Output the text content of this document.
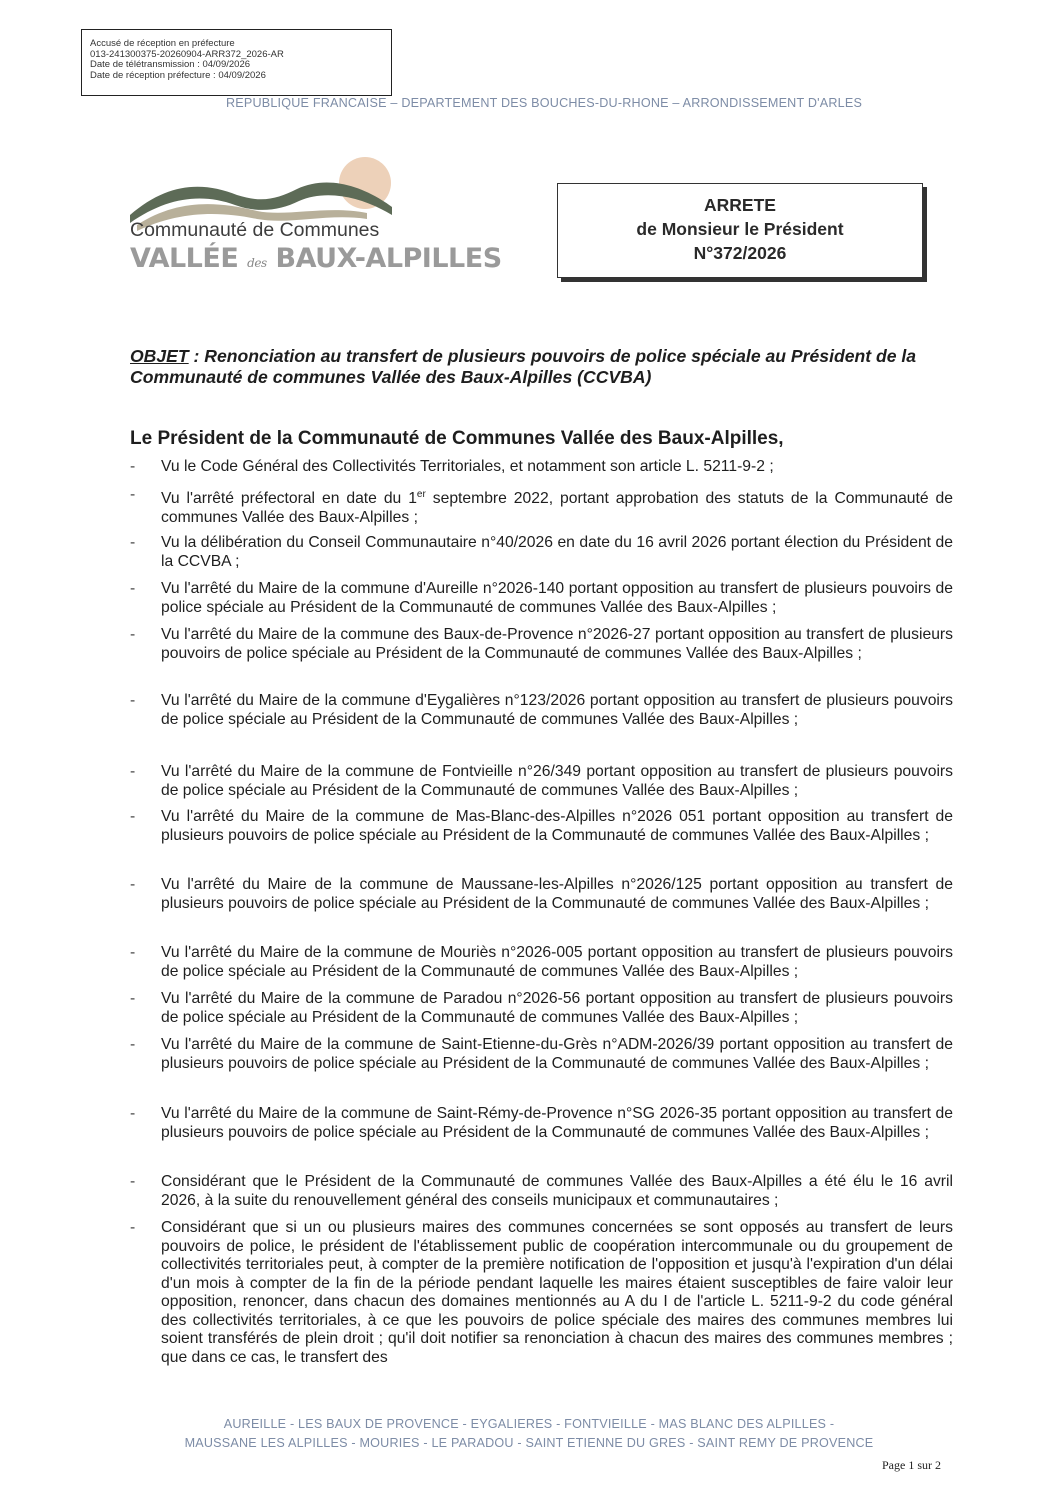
Accusé de réception en préfecture
013-241300375-20260904-ARR372_2026-AR
Date de télétransmission : 04/09/2026
Date de réception préfecture : 04/09/2026
REPUBLIQUE FRANCAISE – DEPARTEMENT DES BOUCHES-DU-RHONE – ARRONDISSEMENT D'ARLES
Communauté de Communes
VALLÉE des BAUX-ALPILLES
ARRETE
de Monsieur le Président
N°372/2026
OBJET : Renonciation au transfert de plusieurs pouvoirs de police spéciale au Président de la Communauté de communes Vallée des Baux-Alpilles (CCVBA)
Le Président de la Communauté de Communes Vallée des Baux-Alpilles,
- Vu le Code Général des Collectivités Territoriales, et notamment son article L. 5211-9-2 ;
- Vu l'arrêté préfectoral en date du 1er septembre 2022, portant approbation des statuts de la Communauté de communes Vallée des Baux-Alpilles ;
- Vu la délibération du Conseil Communautaire n°40/2026 en date du 16 avril 2026 portant élection du Président de la CCVBA ;
- Vu l'arrêté du Maire de la commune d'Aureille n°2026-140 portant opposition au transfert de plusieurs pouvoirs de police spéciale au Président de la Communauté de communes Vallée des Baux-Alpilles ;
- Vu l'arrêté du Maire de la commune des Baux-de-Provence n°2026-27 portant opposition au transfert de plusieurs pouvoirs de police spéciale au Président de la Communauté de communes Vallée des Baux-Alpilles ;
- Vu l'arrêté du Maire de la commune d'Eygalières n°123/2026 portant opposition au transfert de plusieurs pouvoirs de police spéciale au Président de la Communauté de communes Vallée des Baux-Alpilles ;
- Vu l'arrêté du Maire de la commune de Fontvieille n°26/349 portant opposition au transfert de plusieurs pouvoirs de police spéciale au Président de la Communauté de communes Vallée des Baux-Alpilles ;
- Vu l'arrêté du Maire de la commune de Mas-Blanc-des-Alpilles n°2026 051 portant opposition au transfert de plusieurs pouvoirs de police spéciale au Président de la Communauté de communes Vallée des Baux-Alpilles ;
- Vu l'arrêté du Maire de la commune de Maussane-les-Alpilles n°2026/125 portant opposition au transfert de plusieurs pouvoirs de police spéciale au Président de la Communauté de communes Vallée des Baux-Alpilles ;
- Vu l'arrêté du Maire de la commune de Mouriès n°2026-005 portant opposition au transfert de plusieurs pouvoirs de police spéciale au Président de la Communauté de communes Vallée des Baux-Alpilles ;
- Vu l'arrêté du Maire de la commune de Paradou n°2026-56 portant opposition au transfert de plusieurs pouvoirs de police spéciale au Président de la Communauté de communes Vallée des Baux-Alpilles ;
- Vu l'arrêté du Maire de la commune de Saint-Etienne-du-Grès n°ADM-2026/39 portant opposition au transfert de plusieurs pouvoirs de police spéciale au Président de la Communauté de communes Vallée des Baux-Alpilles ;
- Vu l'arrêté du Maire de la commune de Saint-Rémy-de-Provence n°SG 2026-35 portant opposition au transfert de plusieurs pouvoirs de police spéciale au Président de la Communauté de communes Vallée des Baux-Alpilles ;
- Considérant que le Président de la Communauté de communes Vallée des Baux-Alpilles a été élu le 16 avril 2026, à la suite du renouvellement général des conseils municipaux et communautaires ;
- Considérant que si un ou plusieurs maires des communes concernées se sont opposés au transfert de leurs pouvoirs de police, le président de l'établissement public de coopération intercommunale ou du groupement de collectivités territoriales peut, à compter de la première notification de l'opposition et jusqu'à l'expiration d'un délai d'un mois à compter de la fin de la période pendant laquelle les maires étaient susceptibles de faire valoir leur opposition, renoncer, dans chacun des domaines mentionnés au A du I de l'article L. 5211-9-2 du code général des collectivités territoriales, à ce que les pouvoirs de police spéciale des maires des communes membres lui soient transférés de plein droit ; qu'il doit notifier sa renonciation à chacun des maires des communes membres ; que dans ce cas, le transfert des
AUREILLE - LES BAUX DE PROVENCE - EYGALIERES - FONTVIEILLE - MAS BLANC DES ALPILLES -
MAUSSANE LES ALPILLES - MOURIES - LE PARADOU - SAINT ETIENNE DU GRES - SAINT REMY DE PROVENCE
Page 1 sur 2
